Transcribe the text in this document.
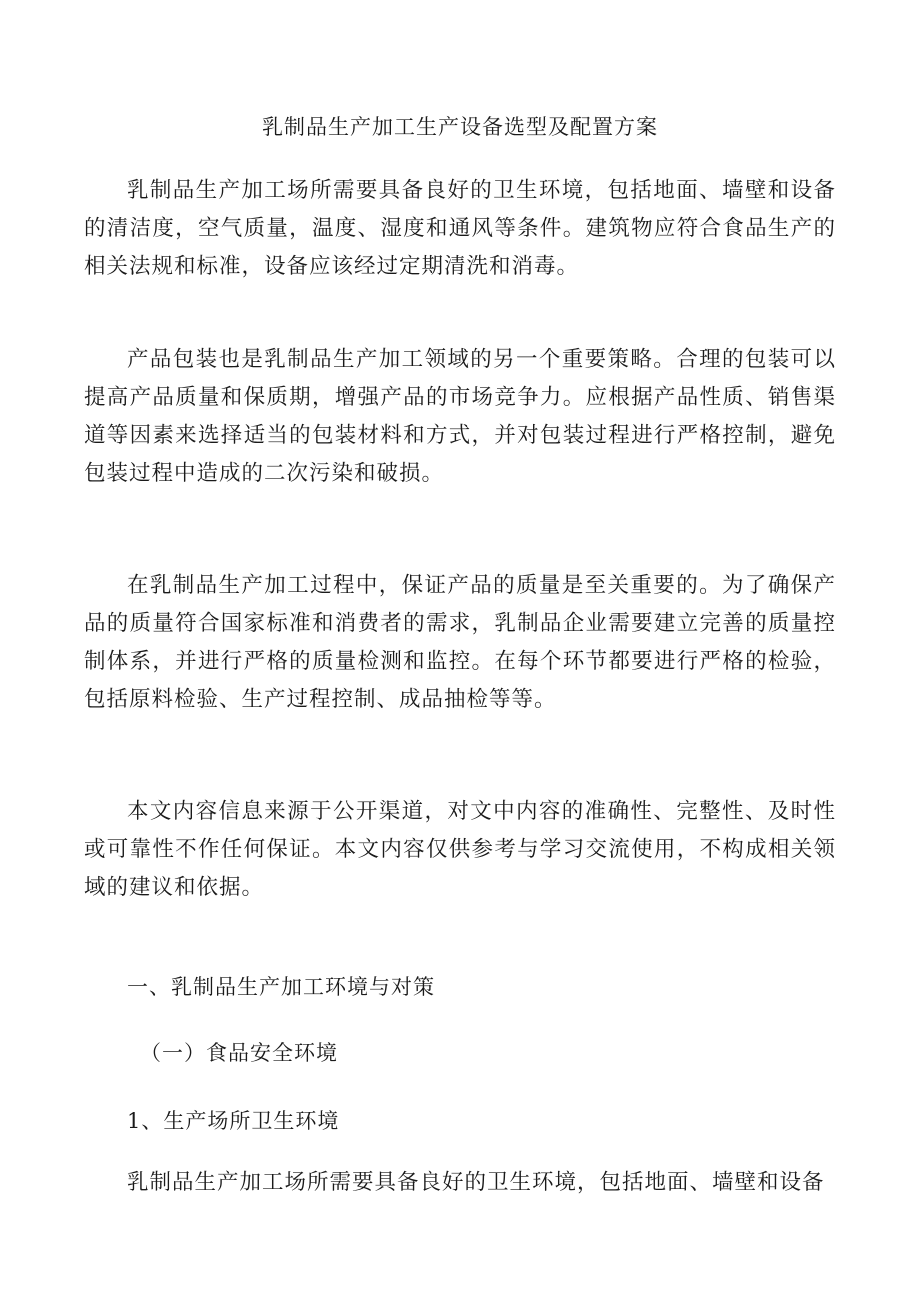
乳制品生产加工生产设备选型及配置方案

乳制品生产加工场所需要具备良好的卫生环境，包括地面、墙壁和设备的清洁度，空气质量，温度、湿度和通风等条件。建筑物应符合食品生产的相关法规和标准，设备应该经过定期清洗和消毒。

产品包装也是乳制品生产加工领域的另一个重要策略。合理的包装可以提高产品质量和保质期，增强产品的市场竞争力。应根据产品性质、销售渠道等因素来选择适当的包装材料和方式，并对包装过程进行严格控制，避免包装过程中造成的二次污染和破损。

在乳制品生产加工过程中，保证产品的质量是至关重要的。为了确保产品的质量符合国家标准和消费者的需求，乳制品企业需要建立完善的质量控制体系，并进行严格的质量检测和监控。在每个环节都要进行严格的检验，包括原料检验、生产过程控制、成品抽检等等。

本文内容信息来源于公开渠道，对文中内容的准确性、完整性、及时性或可靠性不作任何保证。本文内容仅供参考与学习交流使用，不构成相关领域的建议和依据。

一、乳制品生产加工环境与对策

（一）食品安全环境

1、生产场所卫生环境

乳制品生产加工场所需要具备良好的卫生环境，包括地面、墙壁和设备
